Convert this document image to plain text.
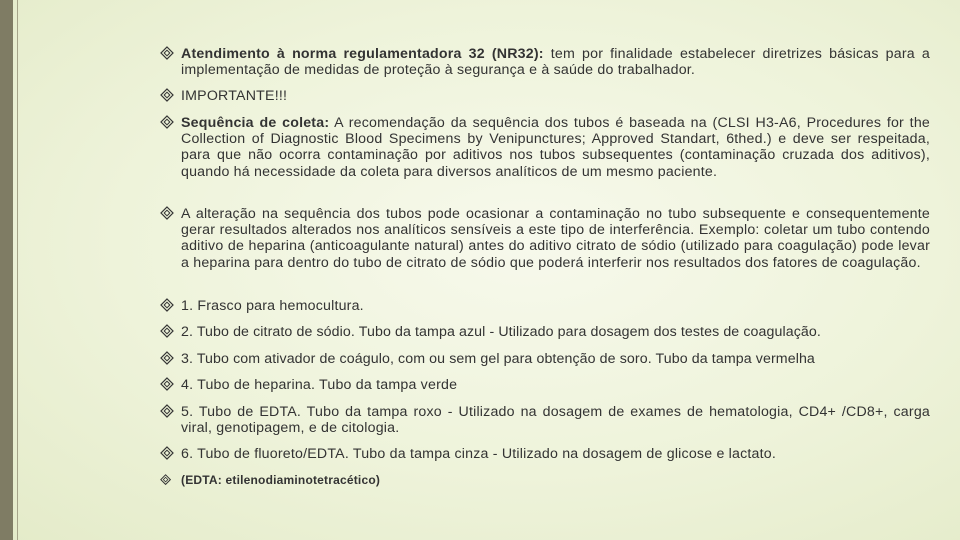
Atendimento à norma regulamentadora 32 (NR32): tem por finalidade estabelecer diretrizes básicas para a implementação de medidas de proteção à segurança e à saúde do trabalhador.
IMPORTANTE!!!
Sequência de coleta: A recomendação da sequência dos tubos é baseada na (CLSI H3-A6, Procedures for the Collection of Diagnostic Blood Specimens by Venipunctures; Approved Standart, 6thed.) e deve ser respeitada, para que não ocorra contaminação por aditivos nos tubos subsequentes (contaminação cruzada dos aditivos), quando há necessidade da coleta para diversos analíticos de um mesmo paciente.
A alteração na sequência dos tubos pode ocasionar a contaminação no tubo subsequente e consequentemente gerar resultados alterados nos analíticos sensíveis a este tipo de interferência. Exemplo: coletar um tubo contendo aditivo de heparina (anticoagulante natural) antes do aditivo citrato de sódio (utilizado para coagulação) pode levar a heparina para dentro do tubo de citrato de sódio que poderá interferir nos resultados dos fatores de coagulação.
1. Frasco para hemocultura.
2. Tubo de citrato de sódio. Tubo da tampa azul - Utilizado para dosagem dos testes de coagulação.
3. Tubo com ativador de coágulo, com ou sem gel para obtenção de soro. Tubo da tampa vermelha
4. Tubo de heparina. Tubo da tampa verde
5. Tubo de EDTA. Tubo da tampa roxo - Utilizado na dosagem de exames de hematologia, CD4+ /CD8+, carga viral, genotipagem, e de citologia.
6. Tubo de fluoreto/EDTA. Tubo da tampa cinza - Utilizado na dosagem de glicose e lactato.
(EDTA: etilenodiaminotetracético)
